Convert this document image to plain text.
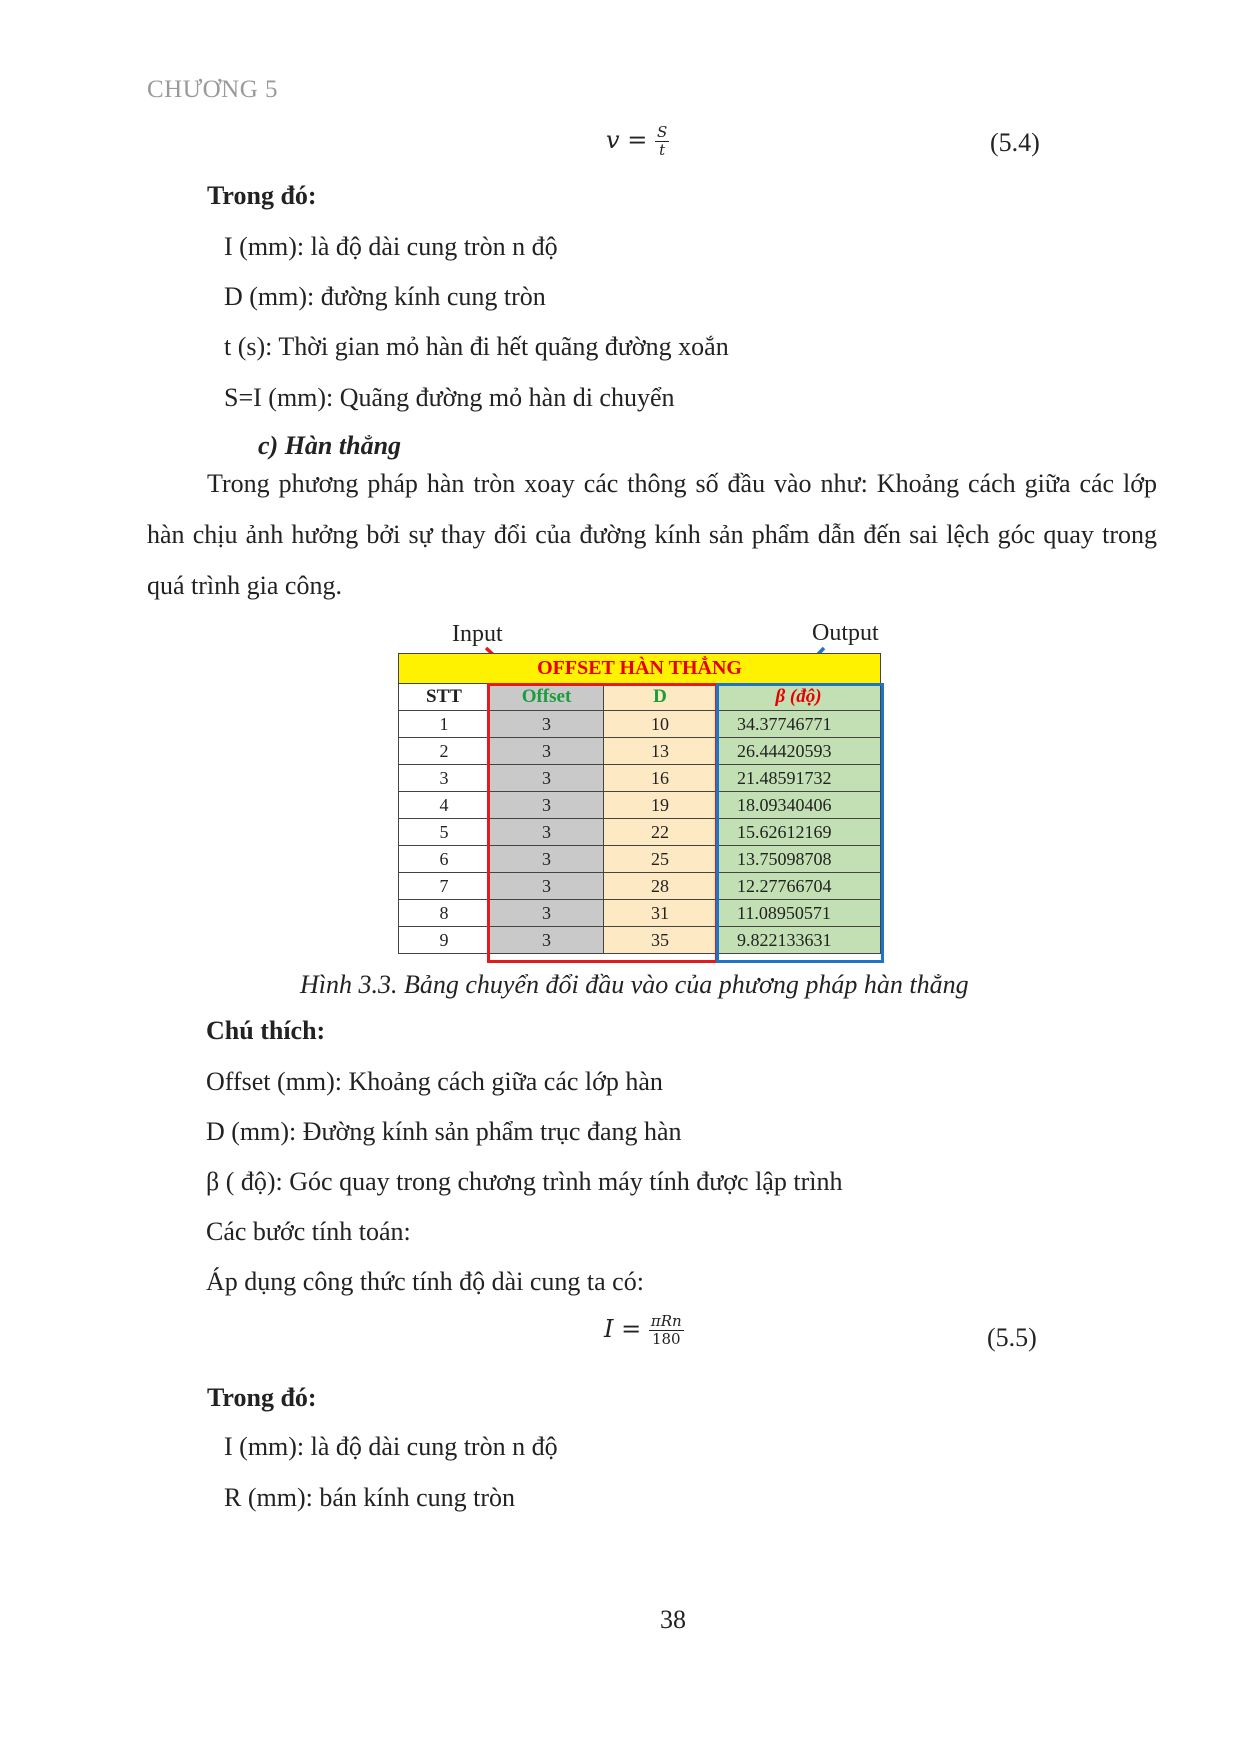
CHƯƠNG 5
$v = \frac{S}{t}$	(5.4)
Trong đó:
I (mm): là độ dài cung tròn n độ
D (mm): đường kính cung tròn
t (s): Thời gian mỏ hàn đi hết quãng đường xoắn
S=I (mm): Quãng đường mỏ hàn di chuyển
c) Hàn thẳng
Trong phương pháp hàn tròn xoay các thông số đầu vào như: Khoảng cách giữa các lớp hàn chịu ảnh hưởng bởi sự thay đổi của đường kính sản phẩm dẫn đến sai lệch góc quay trong quá trình gia công.
Input	Output
OFFSET HÀN THẲNG			
STT	Offset	D	β (độ)
1	3	10	34.37746771
2	3	13	26.44420593
3	3	16	21.48591732
4	3	19	18.09340406
5	3	22	15.62612169
6	3	25	13.75098708
7	3	28	12.27766704
8	3	31	11.08950571
9	3	35	9.822133631
Hình 3.3. Bảng chuyển đổi đầu vào của phương pháp hàn thẳng
Chú thích:
Offset (mm): Khoảng cách giữa các lớp hàn
D (mm): Đường kính sản phẩm trục đang hàn
β ( độ): Góc quay trong chương trình máy tính được lập trình
Các bước tính toán:
Áp dụng công thức tính độ dài cung ta có:
$I = \frac{\text{πRn}}{180}$	(5.5)
Trong đó:
I (mm): là độ dài cung tròn n độ
R (mm): bán kính cung tròn
38
